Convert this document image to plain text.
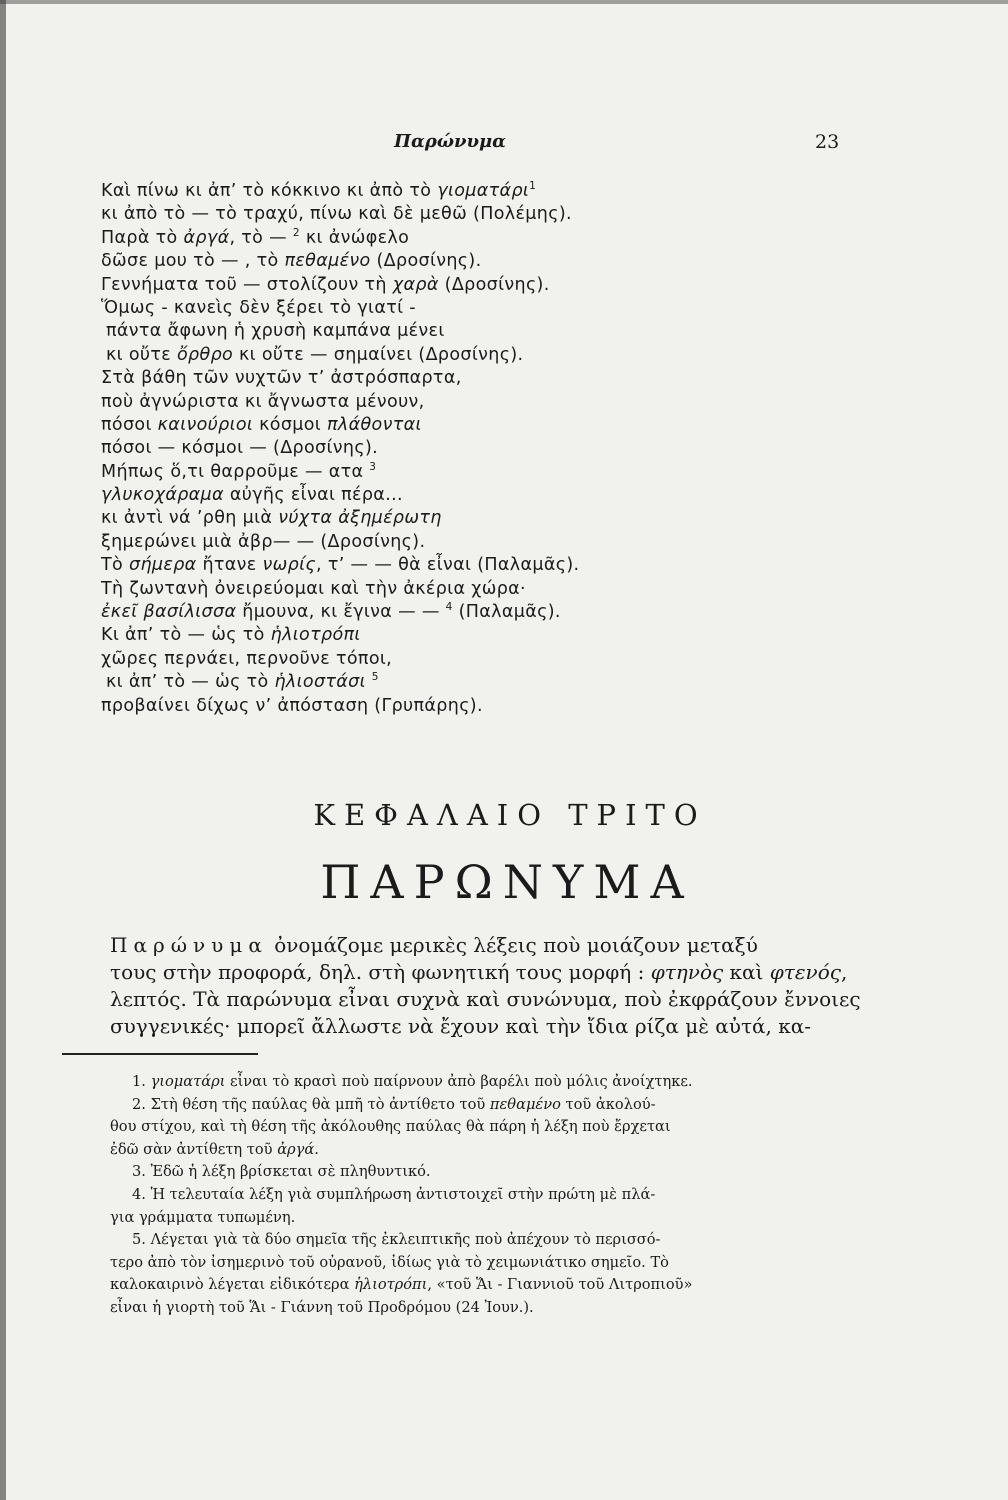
Παρώνυμα	23
Καὶ πίνω κι ἀπ’ τὸ κόκκινο κι ἀπὸ τὸ γιοματάρι$^1$
κι ἀπὸ τὸ — τὸ τραχύ, πίνω καὶ δὲ μεθῶ (Πολέμης).
Παρὰ τὸ ἀργά, τὸ — $^2$ κι ἀνώφελο
δῶσε μου τὸ — , τὸ πεθαμένο (Δροσίνης).
Γεννήματα τοῦ — στολίζουν τὴ χαρὰ (Δροσίνης).
Ὅμως - κανεὶς δὲν ξέρει τὸ γιατί -
πάντα ἄφωνη ἡ χρυσὴ καμπάνα μένει
κι οὔτε ὄρθρο κι οὔτε — σημαίνει (Δροσίνης).
Στὰ βάθη τῶν νυχτῶν τ’ ἀστρόσπαρτα,
ποὺ ἀγνώριστα κι ἄγνωστα μένουν,
πόσοι καινούριοι κόσμοι πλάθονται
πόσοι — κόσμοι — (Δροσίνης).
Μήπως ὅ,τι θαρροῦμε — ατα $^3$
γλυκοχάραμα αὐγῆς εἶναι πέρα...
κι ἀντὶ νά ’ρθη μιὰ νύχτα ἀξημέρωτη
ξημερώνει μιὰ ἀβρ— — (Δροσίνης).
Τὸ σήμερα ἤτανε νωρίς, τ’ — — θὰ εἶναι (Παλαμᾶς).
Τὴ ζωντανὴ ὀνειρεύομαι καὶ τὴν ἀκέρια χώρα·
ἐκεῖ βασίλισσα ἤμουνα, κι ἔγινα — — $^4$ (Παλαμᾶς).
Κι ἀπ’ τὸ — ὡς τὸ ἡλιοτρόπι
χῶρες περνάει, περνοῦνε τόποι,
κι ἀπ’ τὸ — ὡς τὸ ἡλιοστάσι $^5$
προβαίνει δίχως ν’ ἀπόσταση (Γρυπάρης).
ΚΕΦΑΛΑΙΟ ΤΡΙΤΟ
ΠΑΡΩΝΥΜΑ
Παρώνυμα ὀνομάζομε μερικὲς λέξεις ποὺ μοιάζουν μεταξύ
τους στὴν προφορά, δηλ. στὴ φωνητική τους μορφή : φτηνὸς καὶ φτενός,
λεπτός. Τὰ παρώνυμα εἶναι συχνὰ καὶ συνώνυμα, ποὺ ἐκφράζουν ἔννοιες
συγγενικές· μπορεῖ ἄλλωστε νὰ ἔχουν καὶ τὴν ἴδια ρίζα μὲ αὐτά, κα-
1. γιοματάρι εἶναι τὸ κρασὶ ποὺ παίρνουν ἀπὸ βαρέλι ποὺ μόλις ἀνοίχτηκε.
2. Στὴ θέση τῆς παύλας θὰ μπῆ τὸ ἀντίθετο τοῦ πεθαμένο τοῦ ἀκολού-
θου στίχου, καὶ τὴ θέση τῆς ἀκόλουθης παύλας θὰ πάρη ἡ λέξη ποὺ ἔρχεται
ἐδῶ σὰν ἀντίθετη τοῦ ἀργά.
3. Ἐδῶ ἡ λέξη βρίσκεται σὲ πληθυντικό.
4. Ἡ τελευταία λέξη γιὰ συμπλήρωση ἀντιστοιχεῖ στὴν πρώτη μὲ πλά-
για γράμματα τυπωμένη.
5. Λέγεται γιὰ τὰ δύο σημεῖα τῆς ἐκλειπτικῆς ποὺ ἀπέχουν τὸ περισσό-
τερο ἀπὸ τὸν ἰσημερινὸ τοῦ οὐρανοῦ, ἰδίως γιὰ τὸ χειμωνιάτικο σημεῖο. Τὸ
καλοκαιρινὸ λέγεται εἰδικότερα ἡλιοτρόπι, «τοῦ Ἅι - Γιαννιοῦ τοῦ Λιτροπιοῦ»
εἶναι ἡ γιορτὴ τοῦ Ἅι - Γιάννη τοῦ Προδρόμου (24 Ἰουν.).
